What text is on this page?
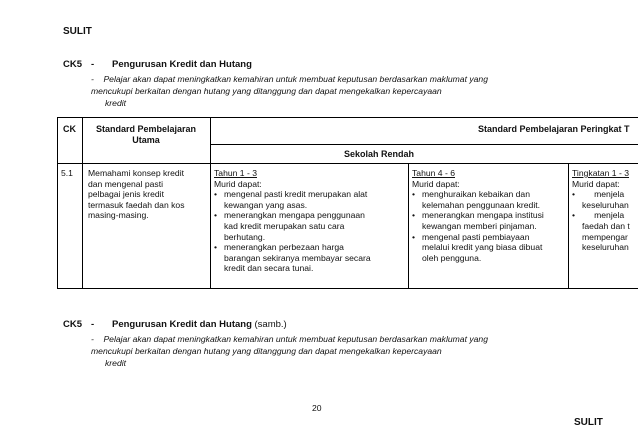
SULIT
CK5 - Pengurusan Kredit dan Hutang
- Pelajar akan dapat meningkatkan kemahiran untuk membuat keputusan berdasarkan maklumat yang
mencukupi berkaitan dengan hutang yang ditanggung dan dapat mengekalkan kepercayaan
kredit
CK	Standard Pembelajaran
Utama
Standard Pembelajaran Peringkat T
Sekolah Rendah
5.1 Memahami konsep kredit
dan mengenal pasti
pelbagai jenis kredit
termasuk faedah dan kos
masing-masing.
Tahun 1 - 3
Murid dapat:
• mengenal pasti kredit merupakan alat
kewangan yang asas.
• menerangkan mengapa penggunaan
kad kredit merupakan satu cara
berhutang.
• menerangkan perbezaan harga
barangan sekiranya membayar secara
kredit dan secara tunai.
Tahun 4 - 6
Murid dapat:
• menghuraikan kebaikan dan
kelemahan penggunaan kredit.
• menerangkan mengapa institusi
kewangan memberi pinjaman.
• mengenal pasti pembiayaan
melalui kredit yang biasa dibuat
oleh pengguna.
Tingkatan 1 - 3
Murid dapat:
•        menjela
keseluruhan
•        menjela
faedah dan t
mempengar
keseluruhan
CK5 - Pengurusan Kredit dan Hutang (samb.)
- Pelajar akan dapat meningkatkan kemahiran untuk membuat keputusan berdasarkan maklumat yang
mencukupi berkaitan dengan hutang yang ditanggung dan dapat mengekalkan kepercayaan
kredit
20
SULIT
